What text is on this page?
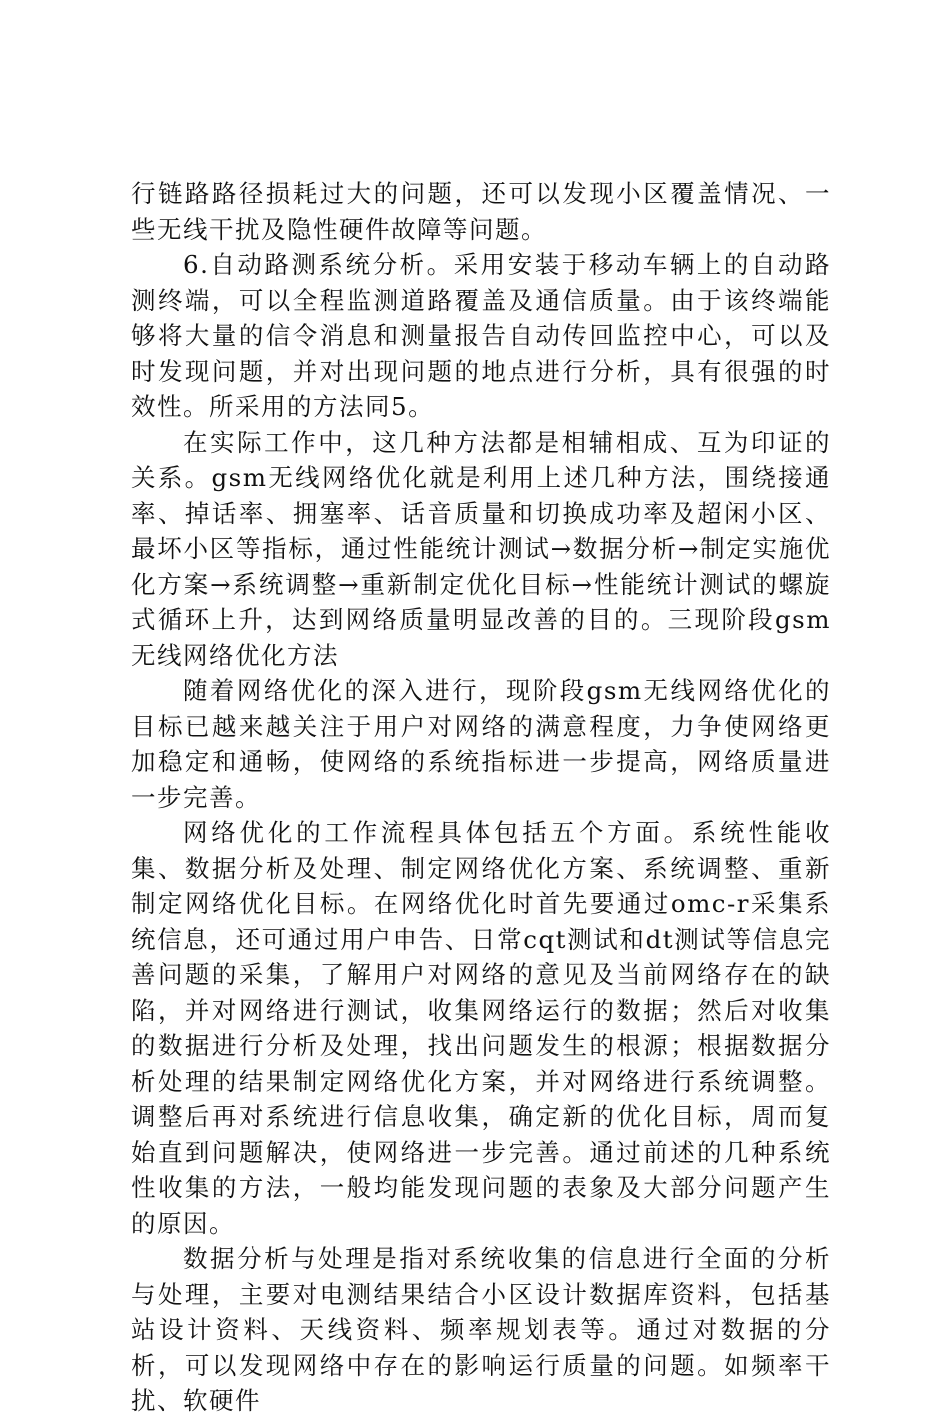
行链路路径损耗过大的问题，还可以发现小区覆盖情况、一些无线干扰及隐性硬件故障等问题。

6.自动路测系统分析。采用安装于移动车辆上的自动路测终端，可以全程监测道路覆盖及通信质量。由于该终端能够将大量的信令消息和测量报告自动传回监控中心，可以及时发现问题，并对出现问题的地点进行分析，具有很强的时效性。所采用的方法同5。

在实际工作中，这几种方法都是相辅相成、互为印证的关系。gsm无线网络优化就是利用上述几种方法，围绕接通率、掉话率、拥塞率、话音质量和切换成功率及超闲小区、最坏小区等指标，通过性能统计测试→数据分析→制定实施优化方案→系统调整→重新制定优化目标→性能统计测试的螺旋式循环上升，达到网络质量明显改善的目的。三现阶段gsm无线网络优化方法

随着网络优化的深入进行，现阶段gsm无线网络优化的目标已越来越关注于用户对网络的满意程度，力争使网络更加稳定和通畅，使网络的系统指标进一步提高，网络质量进一步完善。

网络优化的工作流程具体包括五个方面。系统性能收集、数据分析及处理、制定网络优化方案、系统调整、重新制定网络优化目标。在网络优化时首先要通过omc-r采集系统信息，还可通过用户申告、日常cqt测试和dt测试等信息完善问题的采集，了解用户对网络的意见及当前网络存在的缺陷，并对网络进行测试，收集网络运行的数据；然后对收集的数据进行分析及处理，找出问题发生的根源；根据数据分析处理的结果制定网络优化方案，并对网络进行系统调整。调整后再对系统进行信息收集，确定新的优化目标，周而复始直到问题解决，使网络进一步完善。通过前述的几种系统性收集的方法，一般均能发现问题的表象及大部分问题产生的原因。

数据分析与处理是指对系统收集的信息进行全面的分析与处理，主要对电测结果结合小区设计数据库资料，包括基站设计资料、天线资料、频率规划表等。通过对数据的分析，可以发现网络中存在的影响运行质量的问题。如频率干扰、软硬件
